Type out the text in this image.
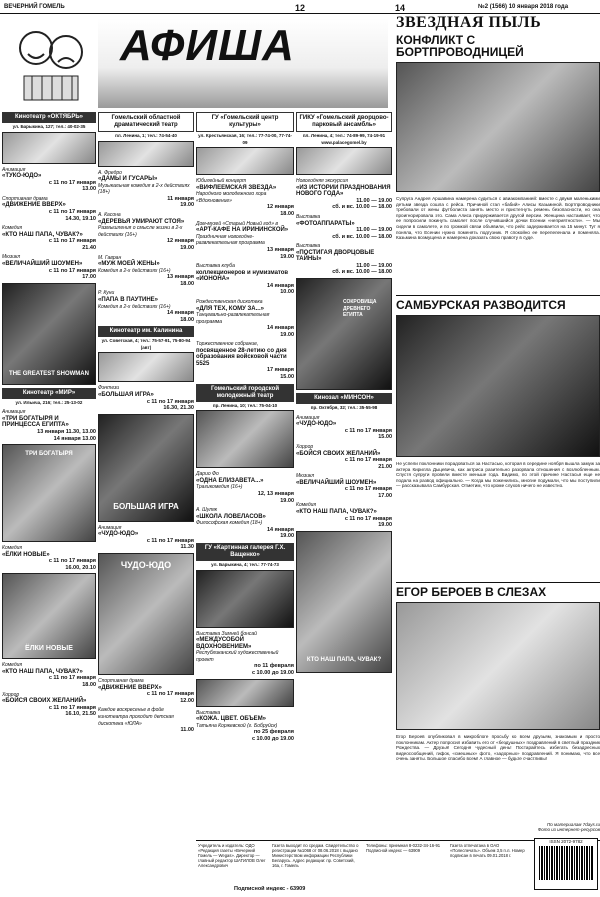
ВЕЧЕРНИЙ ГОМЕЛЬ	12	14	№2 (1566) 10 января 2018 года
АФИША
Кинотеатр «ОКТЯБРЬ»
ул. Барыкина, 127; тел.: 40-02-35
Анимация
«ТУКО-ЮДО»
с 11 по 17 января
13.00
Спортивная драма
«ДВИЖЕНИЕ ВВЕРХ»
с 11 по 17 января
14.30, 19.10
Комедия
«КТО НАШ ПАПА, ЧУВАК?»
с 11 по 17 января
21.40
Мюзикл
«ВЕЛИЧАЙШИЙ ШОУМЕН»
с 11 по 17 января
17.00
THE GREATEST SHOWMAN
Кинотеатр «МИР»
ул. Ильича, 216; тел.: 25-13-02
Анимация
«ТРИ БОГАТЫРЯ И ПРИНЦЕССА ЕГИПТА»
13 января 11.30, 13.00
14 января 13.00
ТРИ БОГАТЫРЯ
Комедия
«ЁЛКИ НОВЫЕ»
с 11 по 17 января
16.00, 20.10
ЁЛКИ НОВЫЕ
Комедия
«КТО НАШ ПАПА, ЧУВАК?»
с 11 по 17 января
18.00
Хоррор
«БОЙСЯ СВОИХ ЖЕЛАНИЙ»
с 11 по 17 января
16.10, 21.50
Гомельский областной драматический театр
пл. Ленина, 1; тел.: 74-54-40
А. Фредро
«ДАМЫ И ГУСАРЫ»
Музыкальная комедия в 2-х действиях (18+)
11 января
19.00
А. Касона
«ДЕРЕВЬЯ УМИРАЮТ СТОЯ»
Размышления о смысле жизни в 2-х действиях (16+)
12 января
19.00
М. Гавран
«МУЖ МОЕЙ ЖЕНЫ»
Комедия в 2-х действиях (16+)
13 января
18.00
Р. Куни
«ПАПА В ПАУТИНЕ»
Комедия в 2-х действиях (16+)
14 января
18.00
Кинотеатр им. Калинина
ул. Советская, 4; тел.: 75-57-91, 75-80-94 (авт)
Фэнтези
«БОЛЬШАЯ ИГРА»
с 11 по 17 января
16.30, 21.30
БОЛЬШАЯ ИГРА
Анимация
«ЧУДО-ЮДО»
с 11 по 17 января
11.30
ЧУДО-ЮДО
Спортивная драма
«ДВИЖЕНИЕ ВВЕРХ»
с 11 по 17 января
12.00
Каждое воскресенье в фойе кинотеатра проходит детская дискотека «ЮЛА»
11.00
ГУ «Гомельский центр культуры»
ул. Крестьянская, 16; тел.: 77-74-00, 77-74-09
Юбилейный концерт
«ВИФЛЕЕМСКАЯ ЗВЕЗДА»
Народного молодежного хора «Вдохновение»
12 января
18.00
Дом-музей «Старый Новый год» в
«АРТ-КАФЕ НА ИРИНИНСКОЙ»
Праздничная новогодне-развлекательная программа
13 января
19.00
Выставка клуба
коллекционеров и нумизматов «ИОНОНА»
14 января
10.00
Рождественская дискотека
«ДЛЯ ТЕХ, КОМУ ЗА...»
Танцевально-развлекательная программа
14 января
19.00
Торжественное собрание,
посвященное 28-летию со дня образования войсковой части 5525
17 января
15.00
Гомельский городской молодежный театр
пр. Ленина, 10; тел.: 75-04-10
Дарио Фо
«ОДНА ЕЛИЗАВЕТА...»
Трагикомедия (16+)
12, 13 января
19.00
А. Шуляк
«ШКОЛА ЛОВЕЛАСОВ»
Философская комедия (18+)
14 января
19.00
ГУ «Картинная галерея Г.Х. Ващенко»
ул. Барыкина, 4; тел.: 77-74-73
Выставка Зимней бонсай
«МЕЖДУСОБОЙ ВДОХНОВЕНИЕМ»
Республиканский художественный проект
по 11 февраля
с 10.00 до 19.00
Выставка
«КОЖА. ЦВЕТ. ОБЪЕМ»
Татьяна Коржевской (г. Бобруйск)
по 25 февраля
с 10.00 до 19.00
ГИКУ «Гомельский дворцово-парковый ансамбль»
пл. Ленина, 4; тел.: 74-89-99, 74-19-91 www.palacegomel.by
Новогодняя экскурсия
«ИЗ ИСТОРИИ ПРАЗДНОВАНИЯ НОВОГО ГОДА»
11.00 — 19.00
сб. и вс. 10.00 — 18.00
Выставка
«ФОТОАППАРАТЫ»
11.00 — 19.00
сб. и вс. 10.00 — 18.00
Выставка
«ПОСТИГАЯ ДВОРЦОВЫЕ ТАЙНЫ»
11.00 — 19.00
сб. и вс. 10.00 — 18.00
СОКРОВИЩА ДРЕВНЕГО ЕГИПТА
Кинозал «МИНСОН»
пр. Октября, 32; тел.: 35-55-98
Анимация
«ЧУДО-ЮДО»
с 11 по 17 января
15.00
Хоррор
«БОЙСЯ СВОИХ ЖЕЛАНИЙ»
с 11 по 17 января
21.00
Мюзикл
«ВЕЛИЧАЙШИЙ ШОУМЕН»
с 11 по 17 января
17.00
Комедия
«КТО НАШ ПАПА, ЧУВАК?»
с 11 по 17 января
19.00
КТО НАШ ПАПА, ЧУВАК?
ЗВЕЗДНАЯ ПЫЛЬ
КОНФЛИКТ С БОРТПРОВОДНИЦЕЙ
Супруга Андрея Аршавина намерена судиться с авиакомпанией: вместе с двумя маленькими детьми звезда сошла с рейса. Причиной стал «бабий» Алисы Казьминой. Бортпроводники требовали от жены футболиста занять место и пристегнуть ремень безопасности, но она проигнорировала это. Сама Алиса придерживается другой версии. Женщина настаивает, что ее попросили покинуть самолет после случившийся дочки Есении «неприятности». — Мы сидели в самолете, и по громкой связи объявили, что рейс задерживается на 15 минут. Тут я поняла, что Есении нужно поменять подгузник. Я спокойно ее перепеленала и поменяла. Казьмина возмущена и намерена доказать свою правоту в суде.
САМБУРСКАЯ РАЗВОДИТСЯ
Не успели поклонники порадоваться за Настасью, которая в середине ноября вышла замуж за актера Кирилла Дыцевича, как актриса разительно разорвала отношения с возлюбленным. Спустя супруги провели вместе меньше года. Видимо, по этой причине Настасья еще не подала на развод официально. — Когда мы поженились, многие подумали, что мы поступили — рассказывала Самбурская. Отметим, что кроме слухов ничего не известно.
ЕГОР БЕРОЕВ В СЛЕЗАХ
Егор Бероев опубликовал в микроблоге просьбу ко всем друзьям, знакомым и просто поклонникам. Актер попросил избавить его от «бездушных» поздравлений в светлый праздник Рождества. — Друзья! Сегодня чудесный день! Постарайтесь избегать безадресных видеосообщений, гифок, «смешных» фото, «задорных» поздравлений. Я понимаю, что все очень заняты. Большое спасибо всем! А главное — будьте счастливы!
По материалам 7days.ru
Фото из интернет-ресурсов
Учредитель и издатель: ОДО «Редакция газеты «Вечерний Гомель — Wegas». Директор — главный редактор ШАТИЛОВ Олег Александрович
Газета выходит по средам. Свидетельство о регистрации №1068 от 08.06.2018 г. выдано Министерством информации Республики Беларусь. Адрес редакции: пр. Советский, 16а, г. Гомель
Телефоны: приемная 8-0232-34-16-91 Подписной индекс — 63909
Газета отпечатана в ОАО «Полеспечать». Объем 3,5 п.л. Номер подписан в печать 09.01.2018 г.
Подписной индекс - 63909
ISSN 2072-9782
